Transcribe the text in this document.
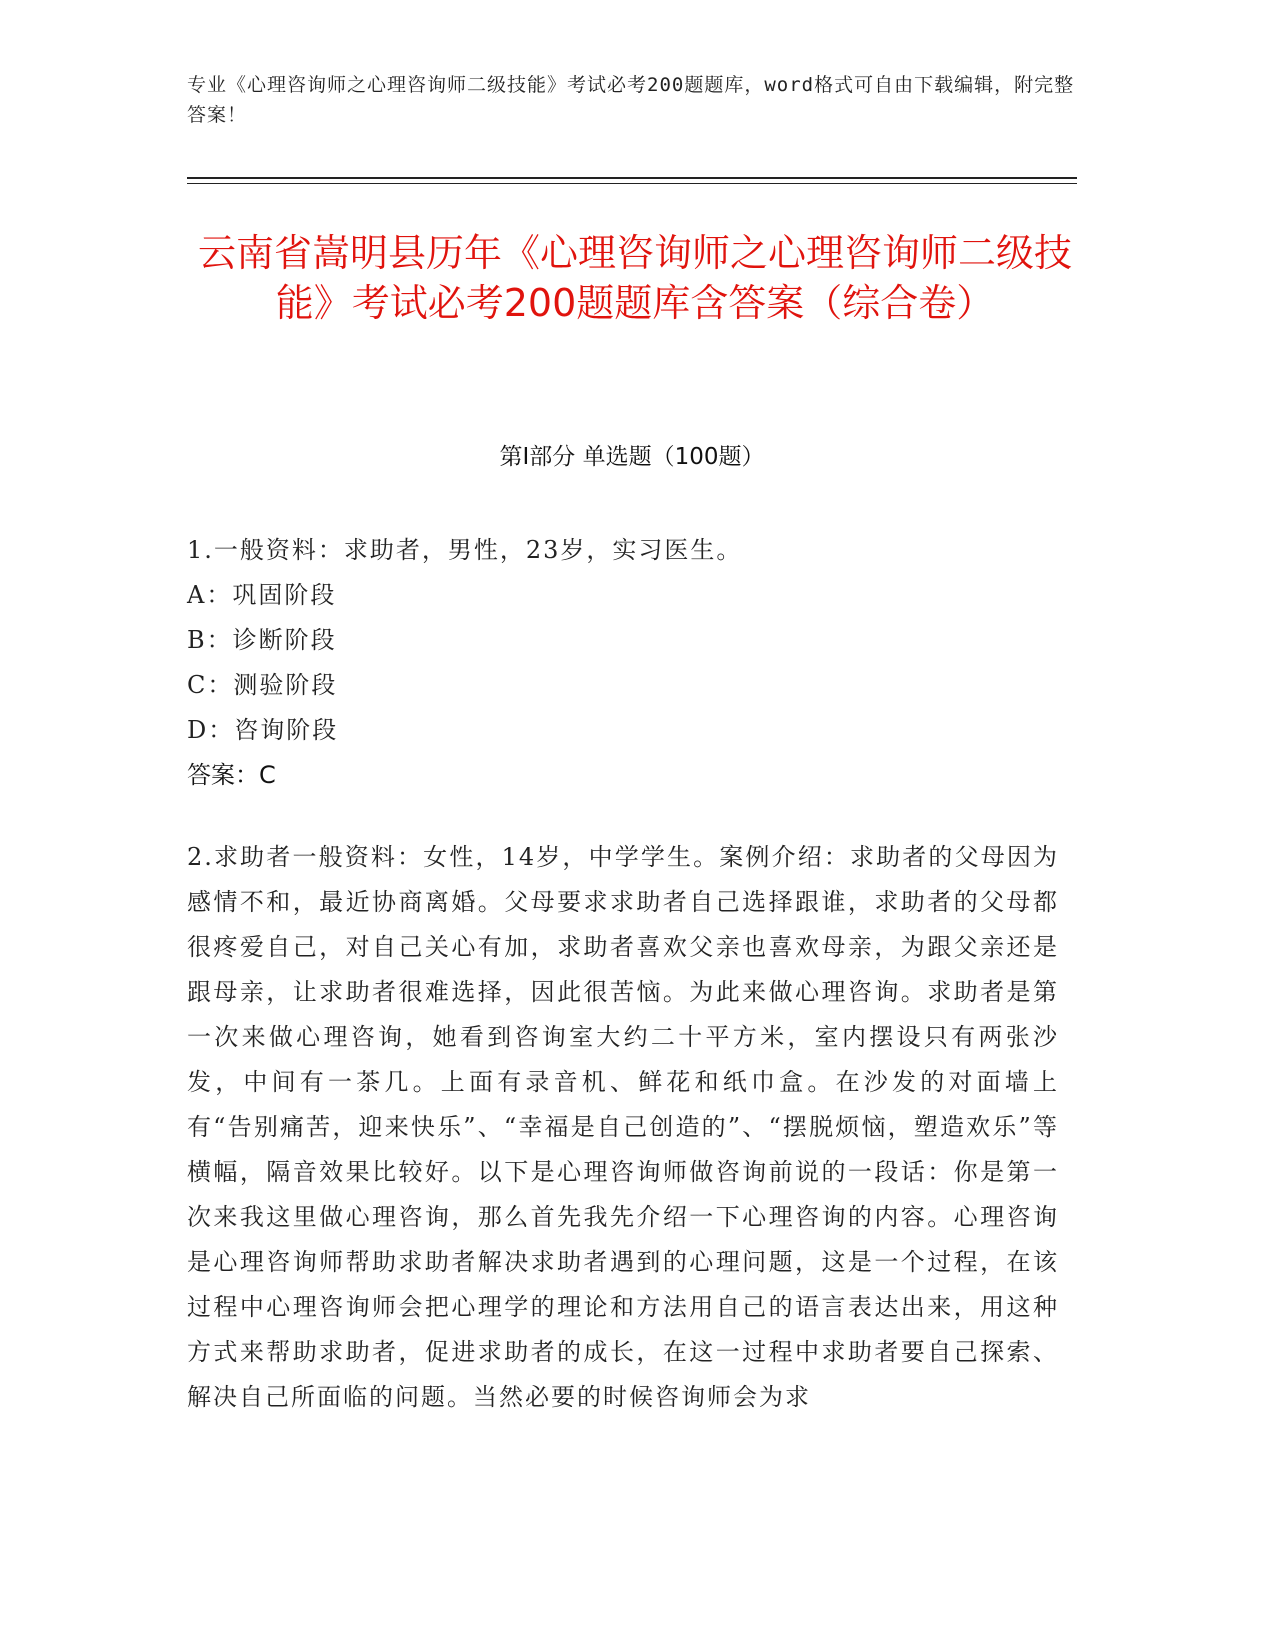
专业《心理咨询师之心理咨询师二级技能》考试必考200题题库，word格式可自由下载编辑，附完整答案！
云南省嵩明县历年《心理咨询师之心理咨询师二级技能》考试必考200题题库含答案（综合卷）
第Ⅰ部分 单选题（100题）
1.一般资料：求助者，男性，23岁，实习医生。
A：巩固阶段
B：诊断阶段
C：测验阶段
D：咨询阶段
答案：C

2.求助者一般资料：女性，14岁，中学学生。案例介绍：求助者的父母因为感情不和，最近协商离婚。父母要求求助者自己选择跟谁，求助者的父母都很疼爱自己，对自己关心有加，求助者喜欢父亲也喜欢母亲，为跟父亲还是跟母亲，让求助者很难选择，因此很苦恼。为此来做心理咨询。求助者是第一次来做心理咨询，她看到咨询室大约二十平方米，室内摆设只有两张沙发，中间有一茶几。上面有录音机、鲜花和纸巾盒。在沙发的对面墙上有“告别痛苦，迎来快乐”、“幸福是自己创造的”、“摆脱烦恼，塑造欢乐”等横幅，隔音效果比较好。以下是心理咨询师做咨询前说的一段话：你是第一次来我这里做心理咨询，那么首先我先介绍一下心理咨询的内容。心理咨询是心理咨询师帮助求助者解决求助者遇到的心理问题，这是一个过程，在该过程中心理咨询师会把心理学的理论和方法用自己的语言表达出来，用这种方式来帮助求助者，促进求助者的成长，在这一过程中求助者要自己探索、解决自己所面临的问题。当然必要的时候咨询师会为求
